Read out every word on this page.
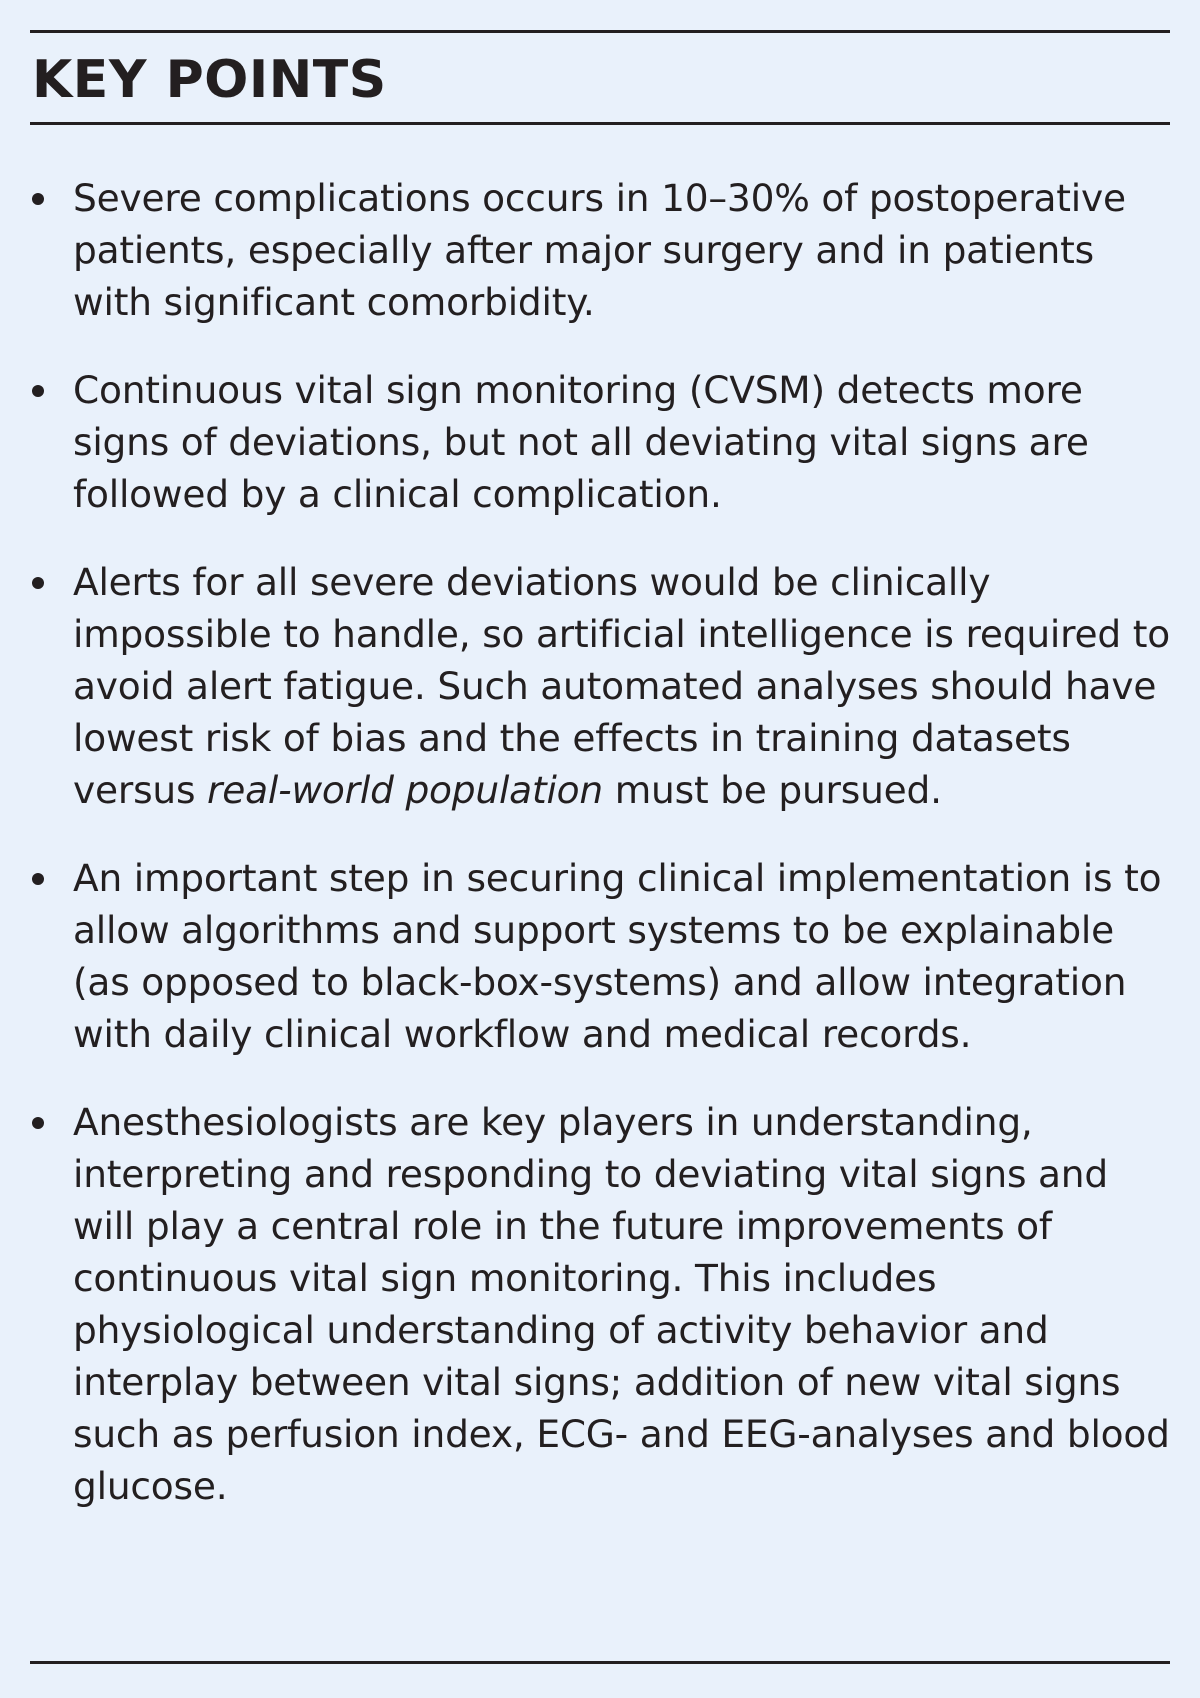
KEY POINTS
Severe complications occurs in 10–30% of postoperative patients, especially after major surgery and in patients with significant comorbidity.
Continuous vital sign monitoring (CVSM) detects more signs of deviations, but not all deviating vital signs are followed by a clinical complication.
Alerts for all severe deviations would be clinically impossible to handle, so artificial intelligence is required to avoid alert fatigue. Such automated analyses should have lowest risk of bias and the effects in training datasets versus real-world population must be pursued.
An important step in securing clinical implementation is to allow algorithms and support systems to be explainable (as opposed to black-box-systems) and allow integration with daily clinical workflow and medical records.
Anesthesiologists are key players in understanding, interpreting and responding to deviating vital signs and will play a central role in the future improvements of continuous vital sign monitoring. This includes physiological understanding of activity behavior and interplay between vital signs; addition of new vital signs such as perfusion index, ECG- and EEG-analyses and blood glucose.
